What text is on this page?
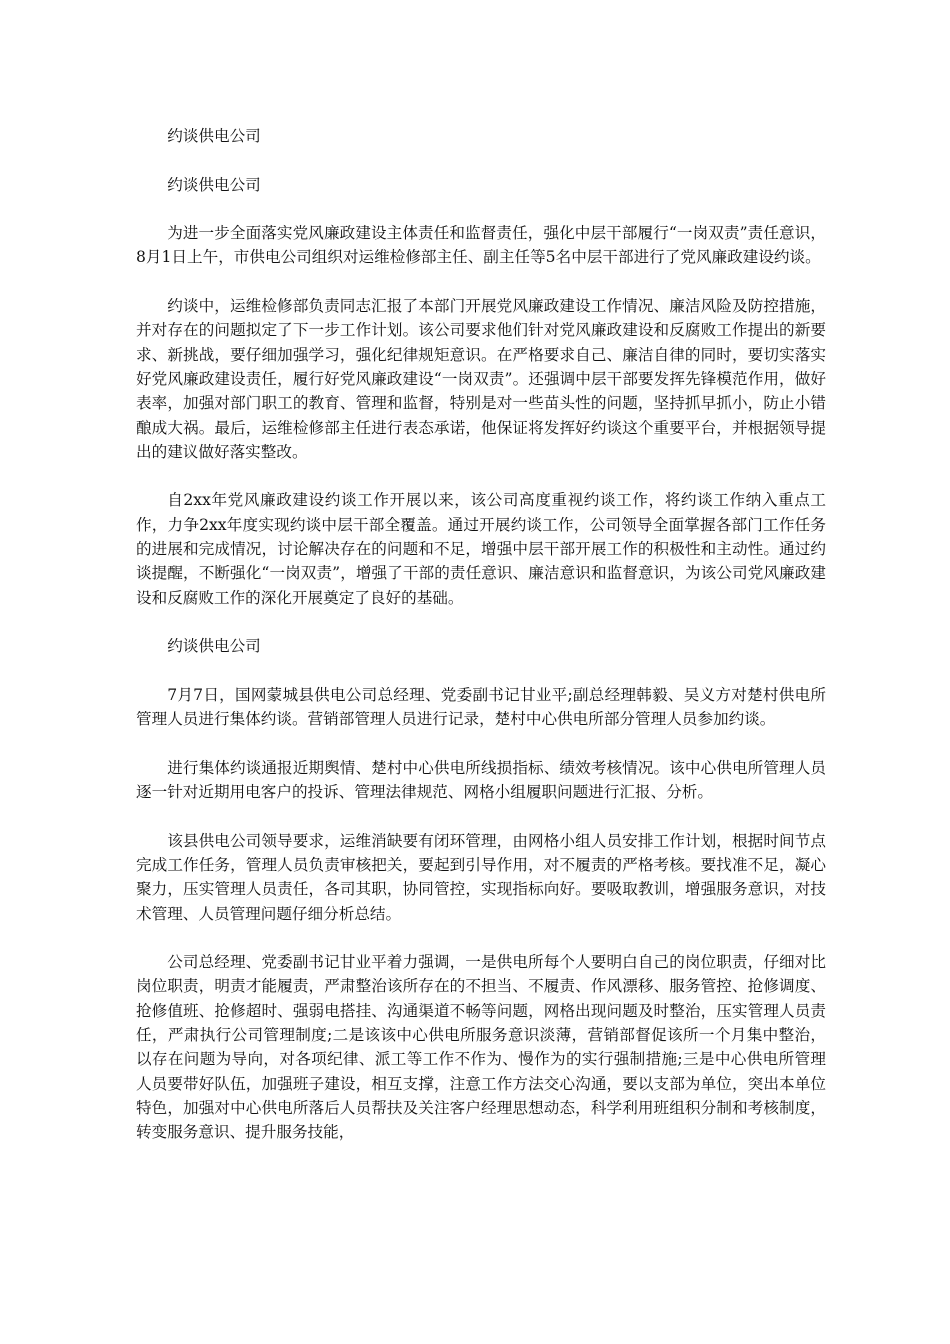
约谈供电公司

约谈供电公司

为进一步全面落实党风廉政建设主体责任和监督责任，强化中层干部履行“一岗双责”责任意识，8月1日上午，市供电公司组织对运维检修部主任、副主任等5名中层干部进行了党风廉政建设约谈。

约谈中，运维检修部负责同志汇报了本部门开展党风廉政建设工作情况、廉洁风险及防控措施，并对存在的问题拟定了下一步工作计划。该公司要求他们针对党风廉政建设和反腐败工作提出的新要求、新挑战，要仔细加强学习，强化纪律规矩意识。在严格要求自己、廉洁自律的同时，要切实落实好党风廉政建设责任，履行好党风廉政建设“一岗双责”。还强调中层干部要发挥先锋模范作用，做好表率，加强对部门职工的教育、管理和监督，特别是对一些苗头性的问题，坚持抓早抓小，防止小错酿成大祸。最后，运维检修部主任进行表态承诺，他保证将发挥好约谈这个重要平台，并根据领导提出的建议做好落实整改。

自2xx年党风廉政建设约谈工作开展以来，该公司高度重视约谈工作，将约谈工作纳入重点工作，力争2xx年度实现约谈中层干部全覆盖。通过开展约谈工作，公司领导全面掌握各部门工作任务的进展和完成情况，讨论解决存在的问题和不足，增强中层干部开展工作的积极性和主动性。通过约谈提醒，不断强化“一岗双责”，增强了干部的责任意识、廉洁意识和监督意识，为该公司党风廉政建设和反腐败工作的深化开展奠定了良好的基础。

约谈供电公司

7月7日，国网蒙城县供电公司总经理、党委副书记甘业平;副总经理韩毅、吴义方对楚村供电所管理人员进行集体约谈。营销部管理人员进行记录，楚村中心供电所部分管理人员参加约谈。

进行集体约谈通报近期舆情、楚村中心供电所线损指标、绩效考核情况。该中心供电所管理人员逐一针对近期用电客户的投诉、管理法律规范、网格小组履职问题进行汇报、分析。

该县供电公司领导要求，运维消缺要有闭环管理，由网格小组人员安排工作计划，根据时间节点完成工作任务，管理人员负责审核把关，要起到引导作用，对不履责的严格考核。要找准不足，凝心聚力，压实管理人员责任，各司其职，协同管控，实现指标向好。要吸取教训，增强服务意识，对技术管理、人员管理问题仔细分析总结。

公司总经理、党委副书记甘业平着力强调，一是供电所每个人要明白自己的岗位职责，仔细对比岗位职责，明责才能履责，严肃整治该所存在的不担当、不履责、作风漂移、服务管控、抢修调度、抢修值班、抢修超时、强弱电搭挂、沟通渠道不畅等问题，网格出现问题及时整治，压实管理人员责任，严肃执行公司管理制度;二是该该中心供电所服务意识淡薄，营销部督促该所一个月集中整治，以存在问题为导向，对各项纪律、派工等工作不作为、慢作为的实行强制措施;三是中心供电所管理人员要带好队伍，加强班子建设，相互支撑，注意工作方法交心沟通，要以支部为单位，突出本单位特色，加强对中心供电所落后人员帮扶及关注客户经理思想动态，科学利用班组积分制和考核制度，转变服务意识、提升服务技能，
